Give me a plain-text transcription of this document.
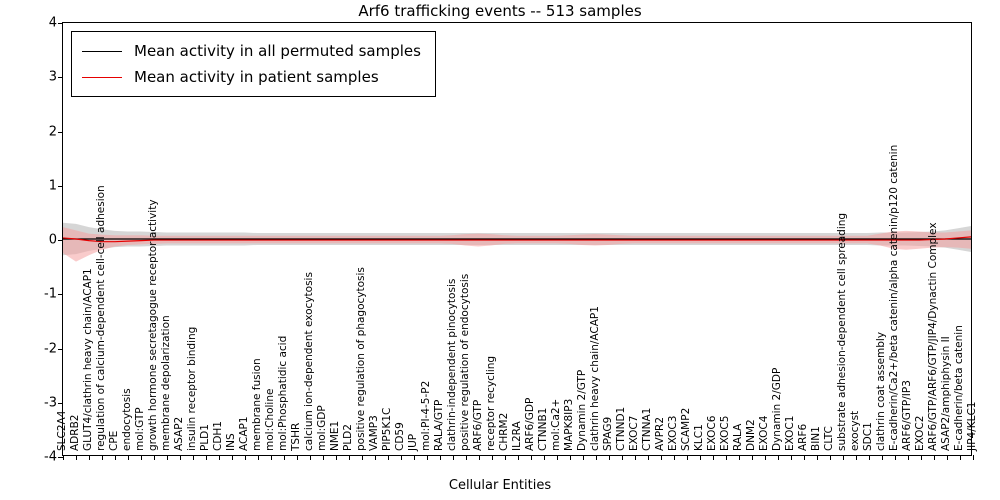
Arf6 trafficking events -- 513 samples
Cellular Entities
-4
-3
-2
-1
0
1
2
3
4
SLC2A4 ADRB2 GLUT4/clathrin heavy chain/ACAP1 regulation of calcium-dependent cell-cell adhesion CPE endocytosis mol:GTP growth hormone secretagogue receptor activity membrane depolarization ASAP2 insulin receptor binding PLD1 CDH1 INS ACAP1 membrane fusion mol:Choline mol:Phosphatidic acid TSHR calcium ion-dependent exocytosis mol:GDP NME1 PLD2 positive regulation of phagocytosis VAMP3 PIP5K1C CD59 JUP mol:PI-4-5-P2 RALA/GTP clathrin-independent pinocytosis positive regulation of endocytosis ARF6/GTP receptor recycling CHRM2 IL2RA ARF6/GDP CTNNB1 mol:Ca2+ MAPK8IP3 Dynamin 2/GTP clathrin heavy chain/ACAP1 SPAG9 CTNND1 EXOC7 CTNNA1 AVPR2 EXOC3 SCAMP2 KLC1 EXOC6 EXOC5 RALA DNM2 EXOC4 Dynamin 2/GDP EXOC1 ARF6 BIN1 CLTC substrate adhesion-dependent cell spreading exocyst SDC1 clathrin coat assembly E-cadherin/Ca2+/beta catenin/alpha catenin/p120 catenin ARF6/GTP/IP3 EXOC2 ARF6/GTP/ARF6/GTP/JIP4/Dynactin Complex ASAP2/amphiphysin II E-cadherin/beta catenin JIP4/KLC1
Mean activity in all permuted samples
Mean activity in patient samples
